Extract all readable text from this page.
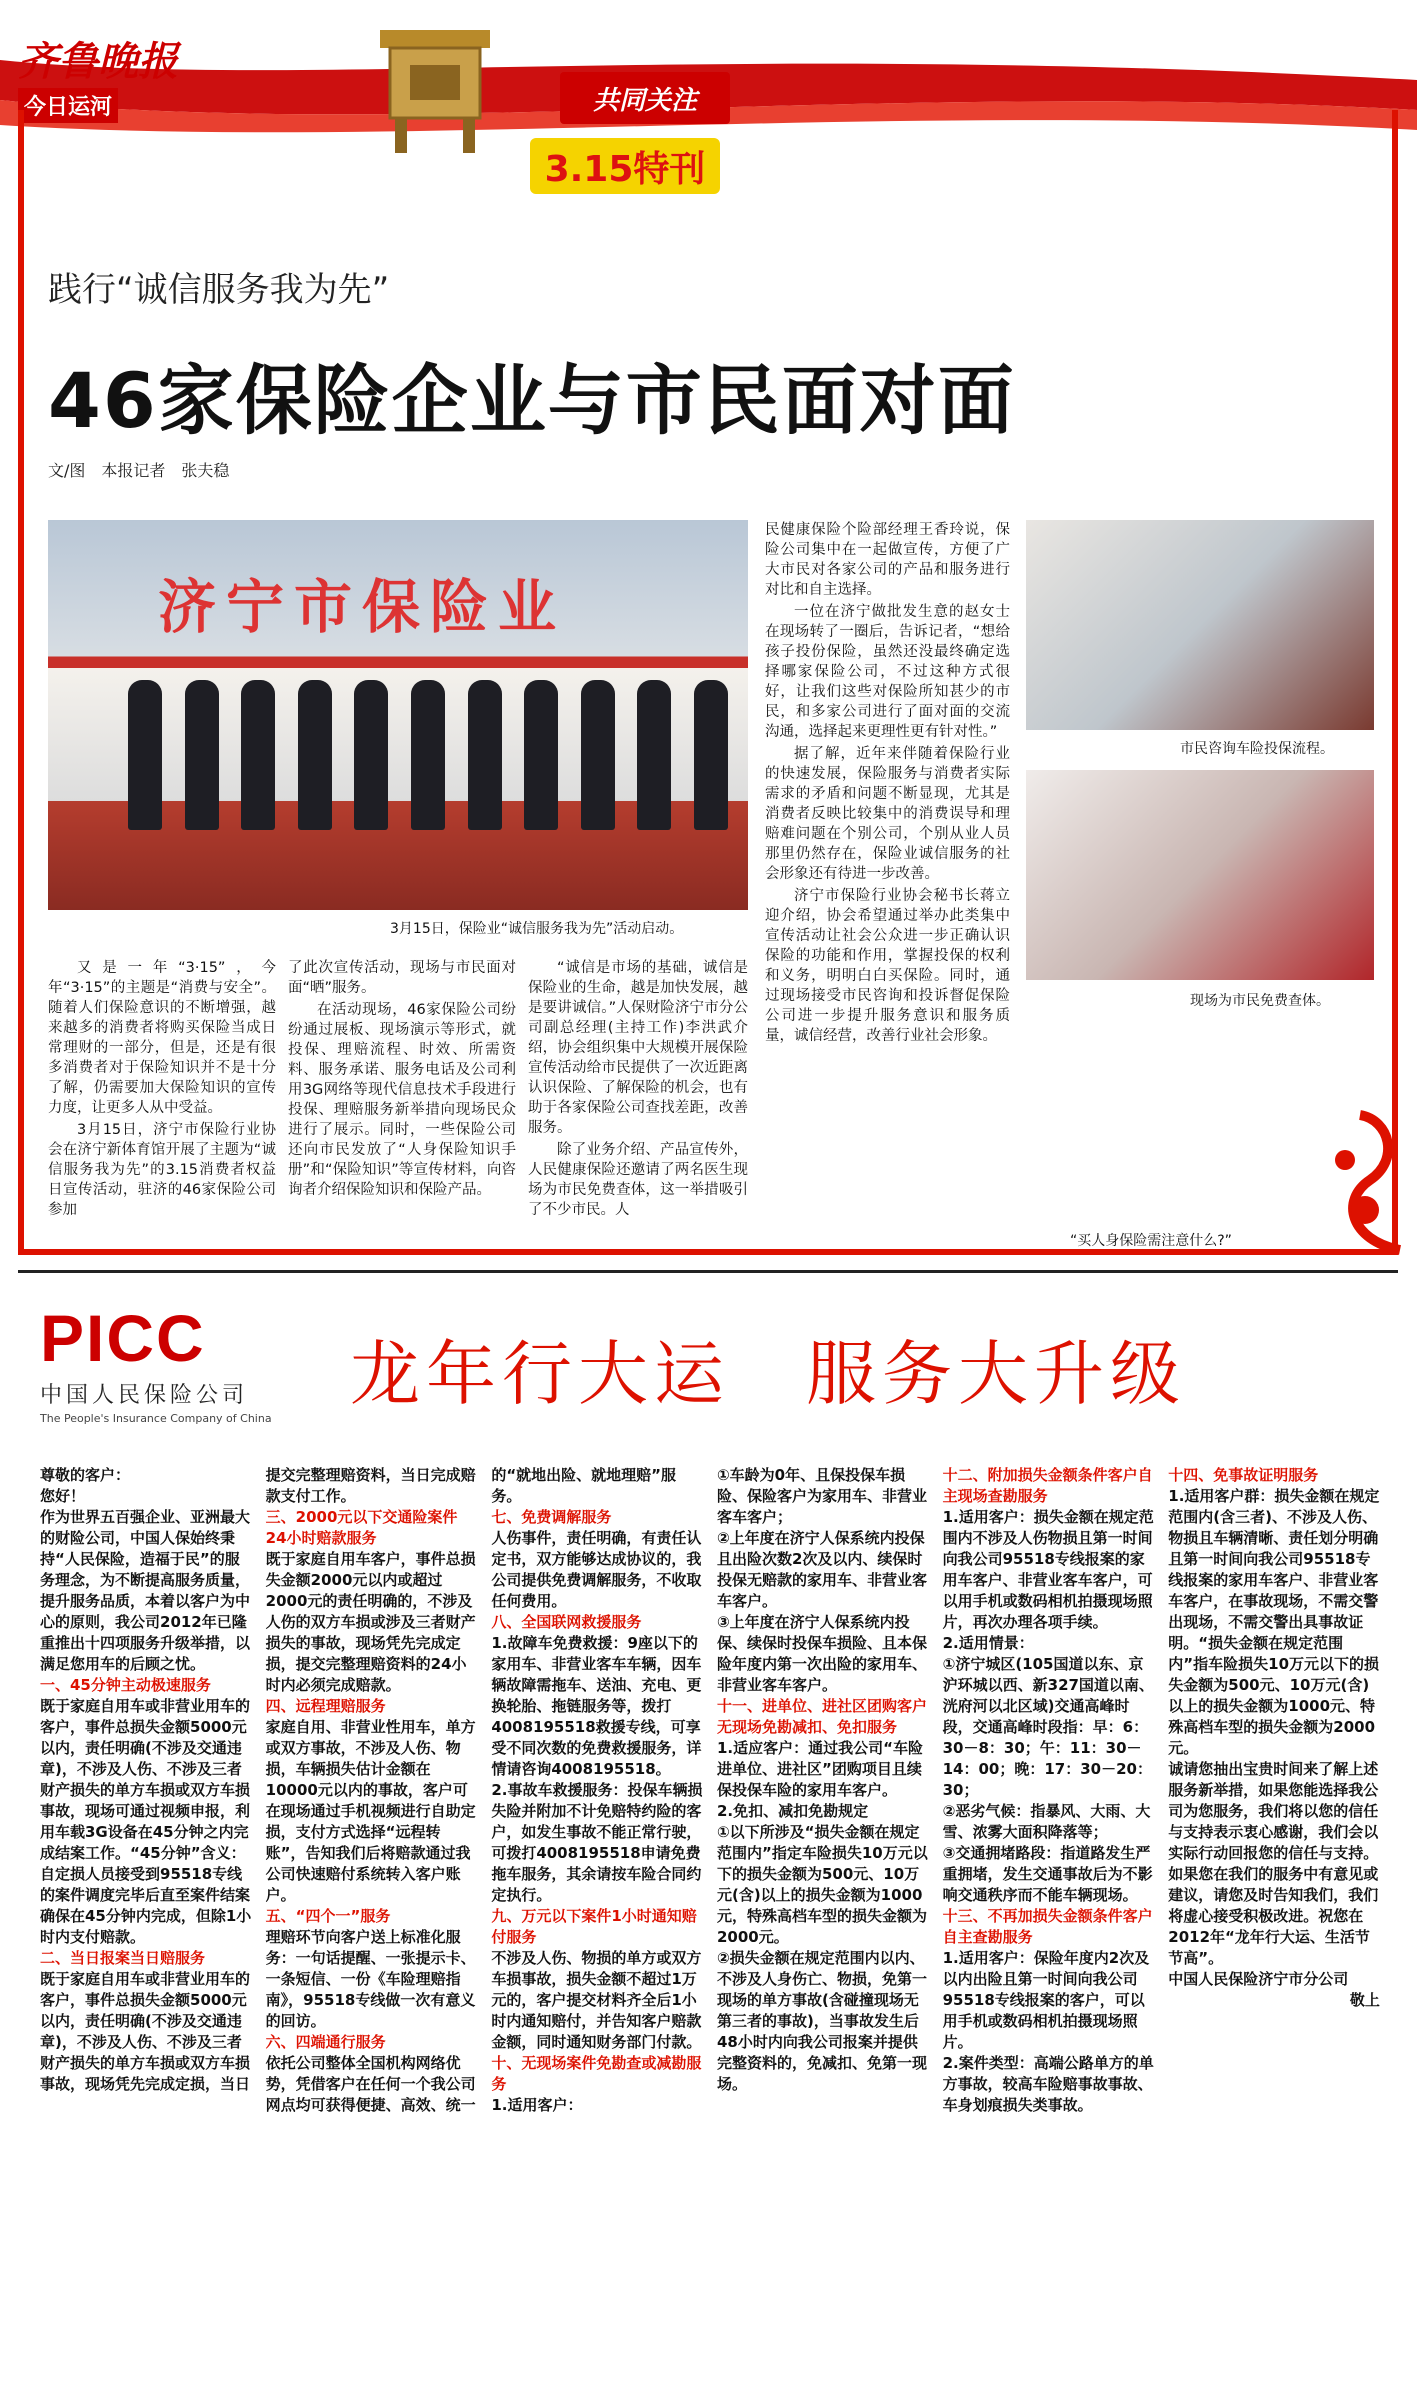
齐鲁晚报
今日运河	共同关注
3.15特刊
践行“诚信服务我为先”
46家保险企业与市民面对面
文/图　本报记者　张夫稳
济宁市保险业
3月15日，保险业“诚信服务我为先”活动启动。
市民咨询车险投保流程。
现场为市民免费查体。
“买人身保险需注意什么?”

又是一年“3·15”，今年“3·15”的主题是“消费与安全”。随着人们保险意识的不断增强，越来越多的消费者将购买保险当成日常理财的一部分，但是，还是有很多消费者对于保险知识并不是十分了解，仍需要加大保险知识的宣传力度，让更多人从中受益。

3月15日，济宁市保险行业协会在济宁新体育馆开展了主题为“诚信服务我为先”的3.15消费者权益日宣传活动，驻济的46家保险公司参加

了此次宣传活动，现场与市民面对面“晒”服务。

在活动现场，46家保险公司纷纷通过展板、现场演示等形式，就投保、理赔流程、时效、所需资料、服务承诺、服务电话及公司利用3G网络等现代信息技术手段进行投保、理赔服务新举措向现场民众进行了展示。同时，一些保险公司还向市民发放了“人身保险知识手册”和“保险知识”等宣传材料，向咨询者介绍保险知识和保险产品。

“诚信是市场的基础，诚信是保险业的生命，越是加快发展，越是要讲诚信。”人保财险济宁市分公司副总经理(主持工作)李洪武介绍，协会组织集中大规模开展保险宣传活动给市民提供了一次近距离认识保险、了解保险的机会，也有助于各家保险公司查找差距，改善服务。

除了业务介绍、产品宣传外，人民健康保险还邀请了两名医生现场为市民免费查体，这一举措吸引了不少市民。人

民健康保险个险部经理王香玲说，保险公司集中在一起做宣传，方便了广大市民对各家公司的产品和服务进行对比和自主选择。

一位在济宁做批发生意的赵女士在现场转了一圈后，告诉记者，“想给孩子投份保险，虽然还没最终确定选择哪家保险公司，不过这种方式很好，让我们这些对保险所知甚少的市民，和多家公司进行了面对面的交流沟通，选择起来更理性更有针对性。”

据了解，近年来伴随着保险行业的快速发展，保险服务与消费者实际需求的矛盾和问题不断显现，尤其是消费者反映比较集中的消费误导和理赔难问题在个别公司，个别从业人员那里仍然存在，保险业诚信服务的社会形象还有待进一步改善。

济宁市保险行业协会秘书长蒋立迎介绍，协会希望通过举办此类集中宣传活动让社会公众进一步正确认识保险的功能和作用，掌握投保的权利和义务，明明白白买保险。同时，通过现场接受市民咨询和投诉督促保险公司进一步提升服务意识和服务质量，诚信经营，改善行业社会形象。

PICC
中国人民保险公司
The People's Insurance Company of China
龙年行大运　服务大升级

尊敬的客户：

您好！

作为世界五百强企业、亚洲最大的财险公司，中国人保始终秉持“人民保险，造福于民”的服务理念，为不断提高服务质量，提升服务品质，本着以客户为中心的原则，我公司2012年已隆重推出十四项服务升级举措，以满足您用车的后顾之忧。

一、45分钟主动极速服务

既于家庭自用车或非营业用车的客户，事件总损失金额5000元以内，责任明确(不涉及交通违章)，不涉及人伤、不涉及三者财产损失的单方车损或双方车损事故，现场可通过视频申报，利用车载3G设备在45分钟之内完成结案工作。“45分钟”含义：自定损人员接受到95518专线的案件调度完毕后直至案件结案确保在45分钟内完成，但除1小时内支付赔款。

二、当日报案当日赔服务

既于家庭自用车或非营业用车的客户，事件总损失金额5000元以内，责任明确(不涉及交通违章)，不涉及人伤、不涉及三者财产损失的单方车损或双方车损事故，现场凭先完成定损，当日提交完整理赔资料，当日完成赔款支付工作。

三、2000元以下交通险案件24小时赔款服务

既于家庭自用车客户，事件总损失金额2000元以内或超过2000元的责任明确的，不涉及人伤的双方车损或涉及三者财产损失的事故，现场凭先完成定损，提交完整理赔资料的24小时内必须完成赔款。

四、远程理赔服务

家庭自用、非营业性用车，单方或双方事故，不涉及人伤、物损，车辆损失估计金额在10000元以内的事故，客户可在现场通过手机视频进行自助定损，支付方式选择“远程转账”，告知我们后将赔款通过我公司快速赔付系统转入客户账户。

五、“四个一”服务

理赔环节向客户送上标准化服务：一句话提醒、一张提示卡、一条短信、一份《车险理赔指南》，95518专线做一次有意义的回访。

六、四端通行服务

依托公司整体全国机构网络优势，凭借客户在任何一个我公司网点均可获得便捷、高效、统一的“就地出险、就地理赔”服务。

七、免费调解服务

人伤事件，责任明确，有责任认定书，双方能够达成协议的，我公司提供免费调解服务，不收取任何费用。

八、全国联网救援服务

1.故障车免费救援：9座以下的家用车、非营业客车车辆，因车辆故障需拖车、送油、充电、更换轮胎、拖链服务等，拨打4008195518救援专线，可享受不同次数的免费救援服务，详情请咨询4008195518。

2.事故车救援服务：投保车辆损失险并附加不计免赔特约险的客户，如发生事故不能正常行驶，可拨打4008195518申请免费拖车服务，其余请按车险合同约定执行。

九、万元以下案件1小时通知赔付服务

不涉及人伤、物损的单方或双方车损事故，损失金额不超过1万元的，客户提交材料齐全后1小时内通知赔付，并告知客户赔款金额，同时通知财务部门付款。

十、无现场案件免勘查或减勘服务

1.适用客户：

①车龄为0年、且保投保车损险、保险客户为家用车、非营业客车客户；

②上年度在济宁人保系统内投保且出险次数2次及以内、续保时投保无赔款的家用车、非营业客车客户。

③上年度在济宁人保系统内投保、续保时投保车损险、且本保险年度内第一次出险的家用车、非营业客车客户。

十一、进单位、进社区团购客户无现场免勘减扣、免扣服务

1.适应客户：通过我公司“车险进单位、进社区”团购项目且续保投保车险的家用车客户。

2.免扣、减扣免勘规定

①以下所涉及“损失金额在规定范围内”指定车险损失10万元以下的损失金额为500元、10万元(含)以上的损失金额为1000元，特殊高档车型的损失金额为2000元。

②损失金额在规定范围内以内、不涉及人身伤亡、物损，免第一现场的单方事故(含碰撞现场无第三者的事故)，当事故发生后48小时内向我公司报案并提供完整资料的，免减扣、免第一现场。

十二、附加损失金额条件客户自主现场查勘服务

1.适用客户：损失金额在规定范围内不涉及人伤物损且第一时间向我公司95518专线报案的家用车客户、非营业客车客户，可以用手机或数码相机拍摄现场照片，再次办理各项手续。

2.适用情景：

①济宁城区(105国道以东、京沪环城以西、新327国道以南、洸府河以北区域)交通高峰时段，交通高峰时段指：早：6：30－8：30；午：11：30－14：00；晚：17：30－20：30；

②恶劣气候：指暴风、大雨、大雪、浓雾大面积降落等；

③交通拥堵路段：指道路发生严重拥堵，发生交通事故后为不影响交通秩序而不能车辆现场。

十三、不再加损失金额条件客户自主查勘服务

1.适用客户：保险年度内2次及以内出险且第一时间向我公司95518专线报案的客户，可以用手机或数码相机拍摄现场照片。

2.案件类型：高端公路单方的单方事故，较高车险赔事故事故、车身划痕损失类事故。

十四、免事故证明服务

1.适用客户群：损失金额在规定范围内(含三者)、不涉及人伤、物损且车辆清晰、责任划分明确且第一时间向我公司95518专线报案的家用车客户、非营业客车客户，在事故现场，不需交警出现场，不需交警出具事故证明。“损失金额在规定范围内”指车险损失10万元以下的损失金额为500元、10万元(含)以上的损失金额为1000元、特殊高档车型的损失金额为2000元。

诚请您抽出宝贵时间来了解上述服务新举措，如果您能选择我公司为您服务，我们将以您的信任与支持表示衷心感谢，我们会以实际行动回报您的信任与支持。如果您在我们的服务中有意见或建议，请您及时告知我们，我们将虚心接受积极改进。祝您在2012年“龙年行大运、生活节节高”。

中国人民保险济宁市分公司

敬上
